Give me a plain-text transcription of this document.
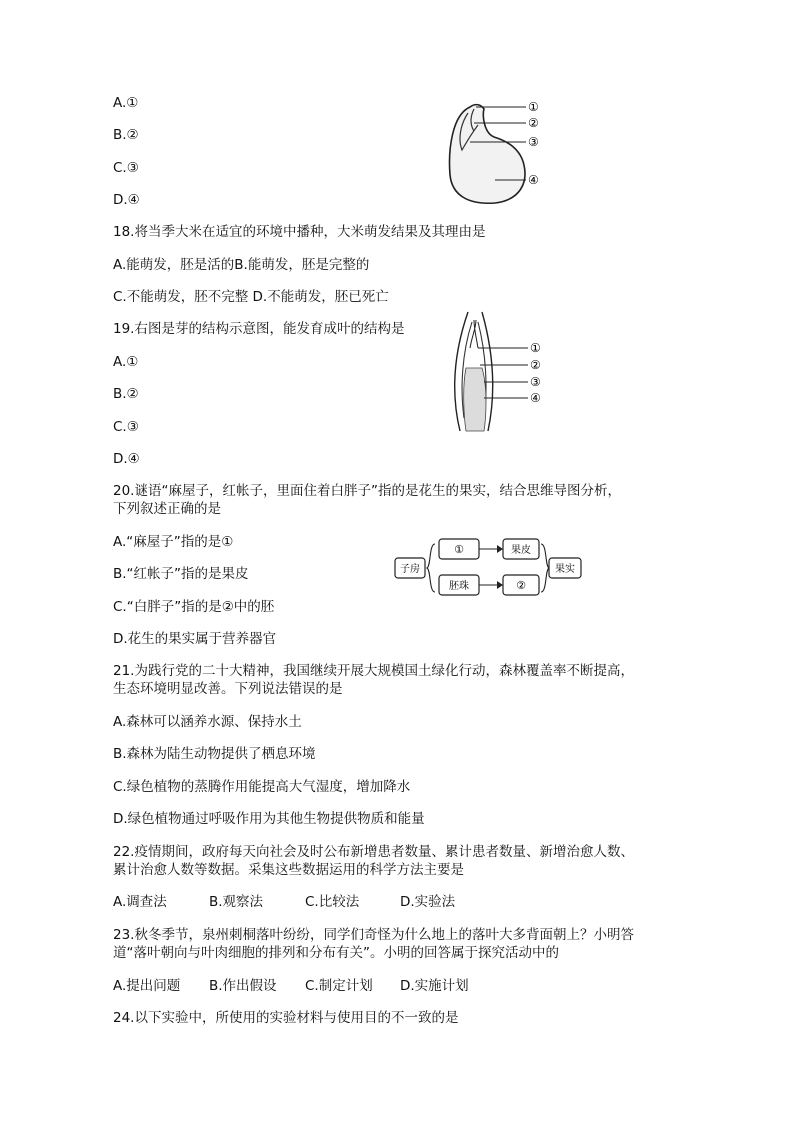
A.①
B.②
C.③
D.④
①
②
③
④
18.将当季大米在适宜的环境中播种，大米萌发结果及其理由是
A.能萌发，胚是活的B.能萌发，胚是完整的
C.不能萌发，胚不完整 D.不能萌发，胚已死亡
19.右图是芽的结构示意图，能发育成叶的结构是
A.①
B.②
C.③
D.④
①
②
③
④
20.谜语“麻屋子，红帐子，里面住着白胖子”指的是花生的果实，结合思维导图分析，
下列叙述正确的是
A.“麻屋子”指的是①
B.“红帐子”指的是果皮
C.“白胖子”指的是②中的胚
D.花生的果实属于营养器官
子房
①
胚珠
果皮
②
果实
21.为践行党的二十大精神，我国继续开展大规模国土绿化行动，森林覆盖率不断提高，
生态环境明显改善。下列说法错误的是
A.森林可以涵养水源、保持水土
B.森林为陆生动物提供了栖息环境
C.绿色植物的蒸腾作用能提高大气湿度，增加降水
D.绿色植物通过呼吸作用为其他生物提供物质和能量
22.疫情期间，政府每天向社会及时公布新增患者数量、累计患者数量、新增治愈人数、
累计治愈人数等数据。采集这些数据运用的科学方法主要是
A.调查法	B.观察法	C.比较法	D.实验法
23.秋冬季节，泉州刺桐落叶纷纷，同学们奇怪为什么地上的落叶大多背面朝上？小明答
道“落叶朝向与叶肉细胞的排列和分布有关”。小明的回答属于探究活动中的
A.提出问题 B.作出假设 C.制定计划 D.实施计划
24.以下实验中，所使用的实验材料与使用目的不一致的是
